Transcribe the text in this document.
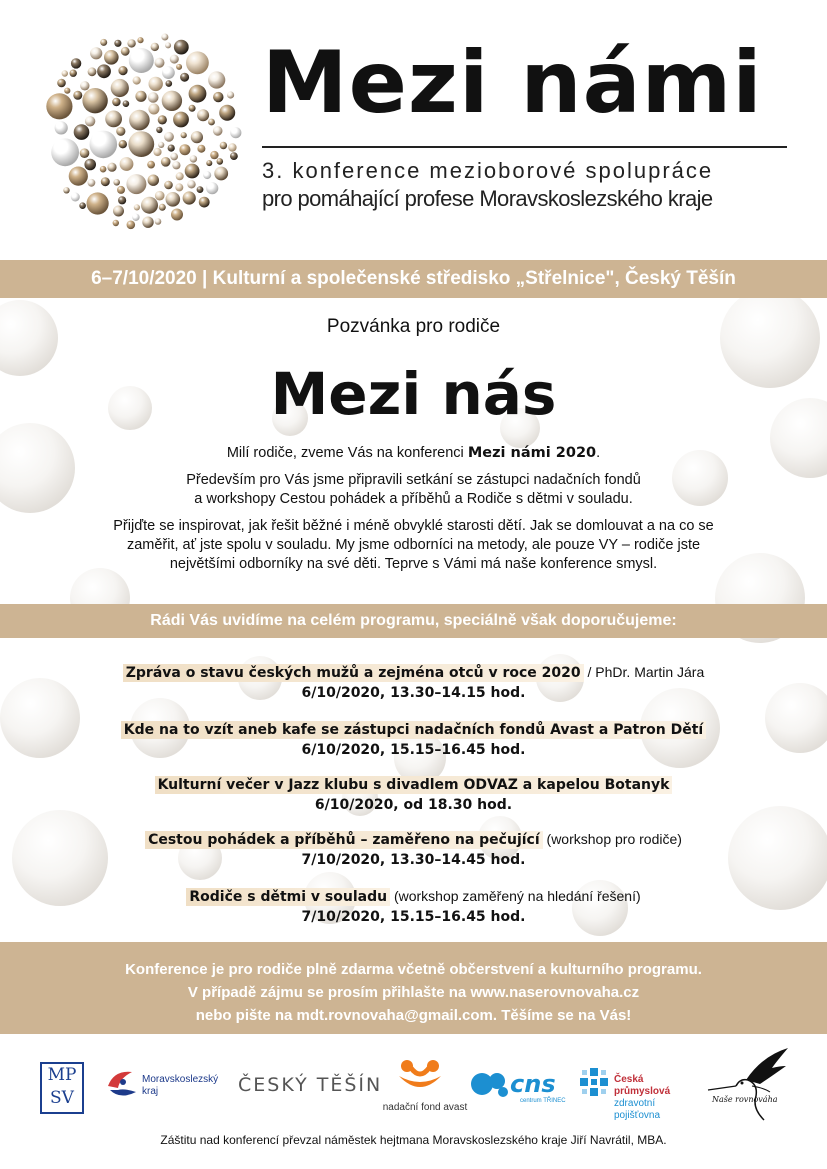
Mezi námi
3. konference mezioborové spolupráce
pro pomáhající profese Moravskoslezského kraje
6–7/10/2020 | Kulturní a společenské středisko „Střelnice", Český Těšín
Pozvánka pro rodiče
Mezi nás
Milí rodiče, zveme Vás na konferenci Mezi námi 2020.
Především pro Vás jsme připravili setkání se zástupci nadačních fondů
a workshopy Cestou pohádek a příběhů a Rodiče s dětmi v souladu.
Přijďte se inspirovat, jak řešit běžné i méně obvyklé starosti dětí. Jak se domlouvat a na co se
zaměřit, ať jste spolu v souladu. My jsme odborníci na metody, ale pouze VY – rodiče jste
největšími odborníky na své děti. Teprve s Vámi má naše konference smysl.
Rádi Vás uvidíme na celém programu, speciálně však doporučujeme:
Zpráva o stavu českých mužů a zejména otců v roce 2020 / PhDr. Martin Jára
6/10/2020, 13.30–14.15 hod.
Kde na to vzít aneb kafe se zástupci nadačních fondů Avast a Patron Dětí
6/10/2020, 15.15–16.45 hod.
Kulturní večer v Jazz klubu s divadlem ODVAZ a kapelou Botanyk
6/10/2020, od 18.30 hod.
Cestou pohádek a příběhů – zaměřeno na pečující (workshop pro rodiče)
7/10/2020, 13.30–14.45 hod.
Rodiče s dětmi v souladu (workshop zaměřený na hledání řešení)
7/10/2020, 15.15–16.45 hod.
Konference je pro rodiče plně zdarma včetně občerstvení a kulturního programu.
V případě zájmu se prosím přihlašte na www.naserovnovaha.cz
nebo pište na mdt.rovnovaha@gmail.com. Těšíme se na Vás!
MPSV
Moravskoslezský
kraj	ČESKÝ TĚŠÍN
nadační fond avast
cns
centrum TŘINEC
Česká průmyslová
zdravotní pojišťovna
Naše rovnováha
Záštitu nad konferencí převzal náměstek hejtmana Moravskoslezského kraje Jiří Navrátil, MBA.
